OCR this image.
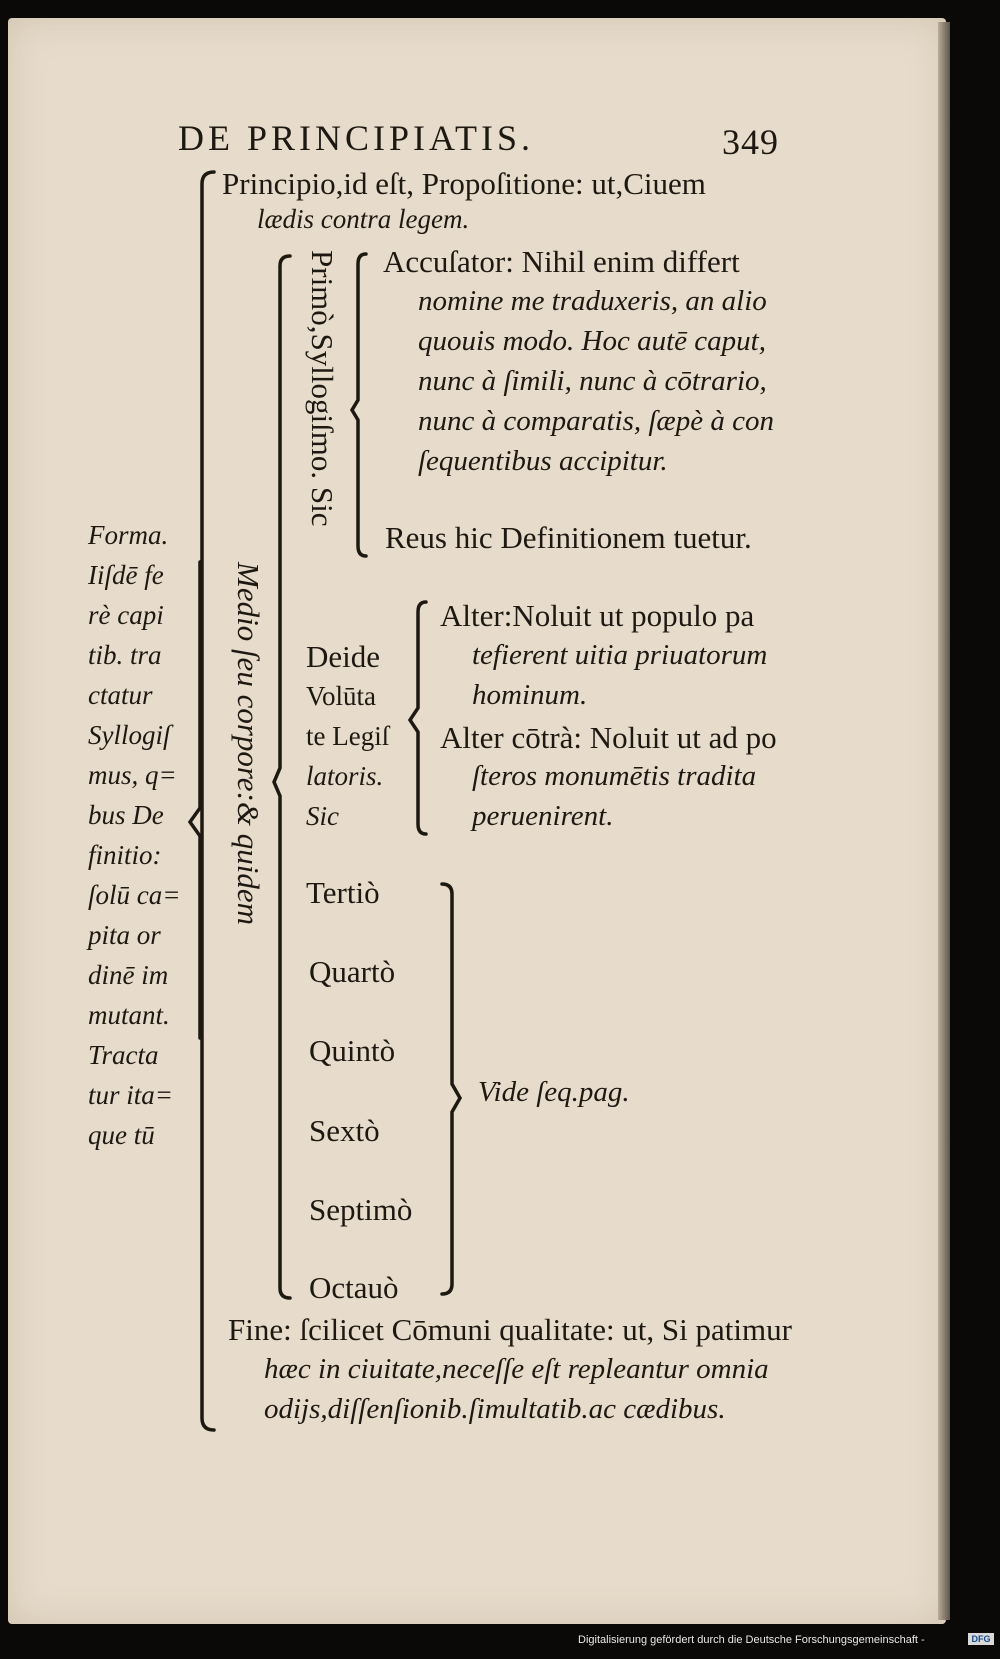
DE PRINCIPIATIS.	349
Principio,id eſt, Propoſitione: ut,Ciuem
lædis contra legem.
Forma.
Iiſdē fe
rè capi
tib. tra
ctatur
Syllogiſ
mus, q=
bus De
finitio:
ſolū ca=
pita or
dinē im
mutant.
Tracta
tur ita=
que tū
Medio ſeu corpore:& quidem
Primò,Syllogiſmo. Sic Accuſator: Nihil enim differt
nomine me traduxeris, an alio
quouis modo. Hoc autē caput,
nunc à ſimili, nunc à cōtrario,
nunc à comparatis, ſæpè à con
ſequentibus accipitur.
Reus hic Definitionem tuetur.
Deide
Volūta
te Legiſ
latoris.
Sic
Alter:Noluit ut populo pa
tefierent uitia priuatorum
hominum.
Alter cōtrà: Noluit ut ad po
ſteros monumētis tradita
peruenirent.
Tertiò
Quartò
Quintò
Sextò
Septimò
Octauò
Vide ſeq.pag.
Fine: ſcilicet Cōmuni qualitate: ut, Si patimur
hæc in ciuitate,neceſſe eſt repleantur omnia
odijs,diſſenſionib.ſimultatib.ac cædibus.
Digitalisierung gefördert durch die Deutsche Forschungsgemeinschaft -	DFG
